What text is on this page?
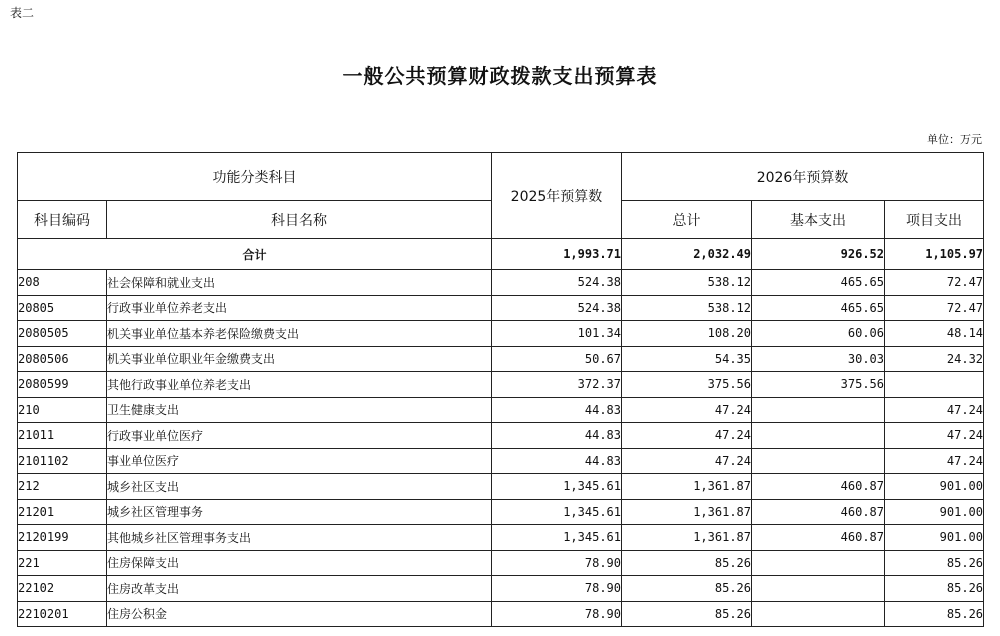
表二
一般公共预算财政拨款支出预算表
单位：万元
功能分类科目		2025年预算数	2026年预算数		
科目编码	科目名称		总计	基本支出	项目支出
合计		1,993.71	2,032.49	926.52	1,105.97
208	社会保障和就业支出	524.38	538.12	465.65	72.47
20805	行政事业单位养老支出	524.38	538.12	465.65	72.47
2080505	机关事业单位基本养老保险缴费支出	101.34	108.20	60.06	48.14
2080506	机关事业单位职业年金缴费支出	50.67	54.35	30.03	24.32
2080599	其他行政事业单位养老支出	372.37	375.56	375.56	
210	卫生健康支出	44.83	47.24		47.24
21011	行政事业单位医疗	44.83	47.24		47.24
2101102	事业单位医疗	44.83	47.24		47.24
212	城乡社区支出	1,345.61	1,361.87	460.87	901.00
21201	城乡社区管理事务	1,345.61	1,361.87	460.87	901.00
2120199	其他城乡社区管理事务支出	1,345.61	1,361.87	460.87	901.00
221	住房保障支出	78.90	85.26		85.26
22102	住房改革支出	78.90	85.26		85.26
2210201	住房公积金	78.90	85.26		85.26
